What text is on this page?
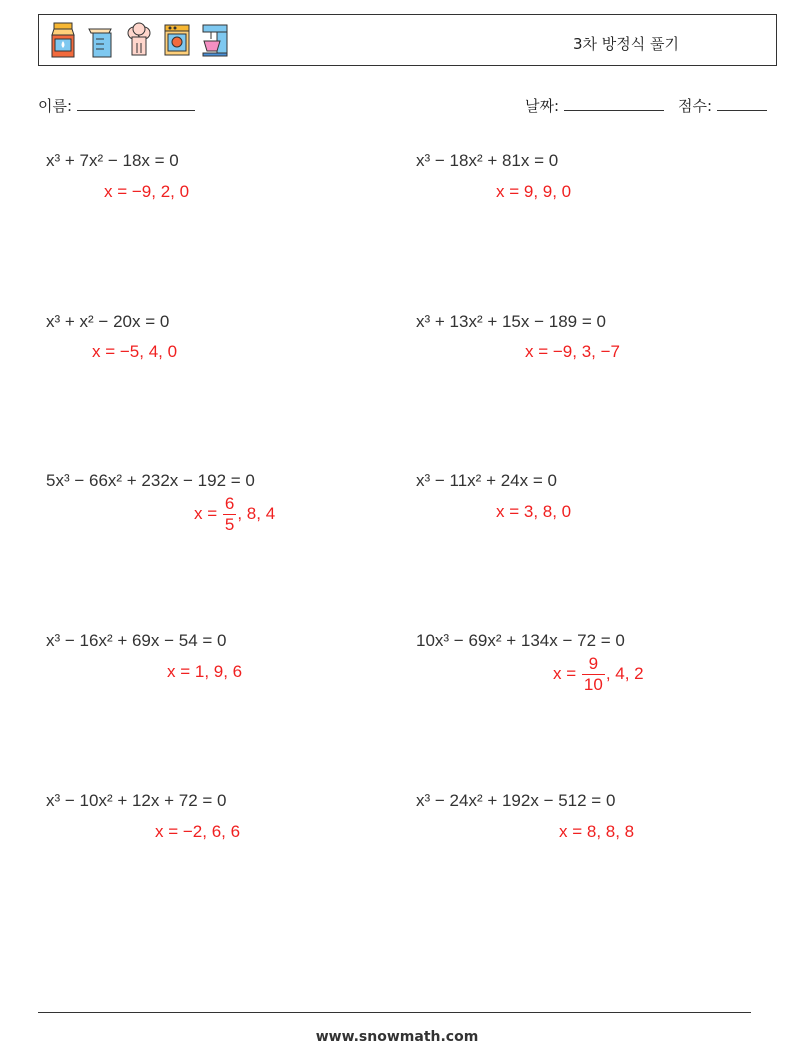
3차 방정식 풀기
이름:	날짜:	점수:
x³ + 7x² − 18x = 0
x = −9, 2, 0
x³ − 18x² + 81x = 0
x = 9, 9, 0
x³ + x² − 20x = 0
x = −5, 4, 0
x³ + 13x² + 15x − 189 = 0
x = −9, 3, −7
5x³ − 66x² + 232x − 192 = 0
$x = \frac{6}{5}$ , 8, 4
x³ − 11x² + 24x = 0
x = 3, 8, 0
x³ − 16x² + 69x − 54 = 0
x = 1, 9, 6
10x³ − 69x² + 134x − 72 = 0
$x = \frac{9}{10}$ , 4, 2
x³ − 10x² + 12x + 72 = 0
x = −2, 6, 6
x³ − 24x² + 192x − 512 = 0
x = 8, 8, 8
www.snowmath.com
